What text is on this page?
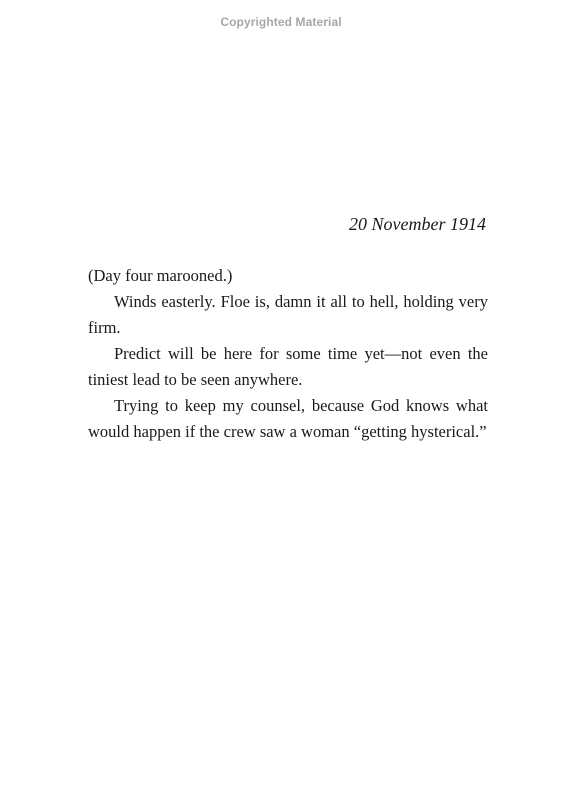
Copyrighted Material
20 November 1914

(Day four marooned.)

Winds easterly. Floe is, damn it all to hell, holding very firm.

Predict will be here for some time yet—not even the tiniest lead to be seen anywhere.

Trying to keep my counsel, because God knows what would happen if the crew saw a woman “getting hysterical.”
